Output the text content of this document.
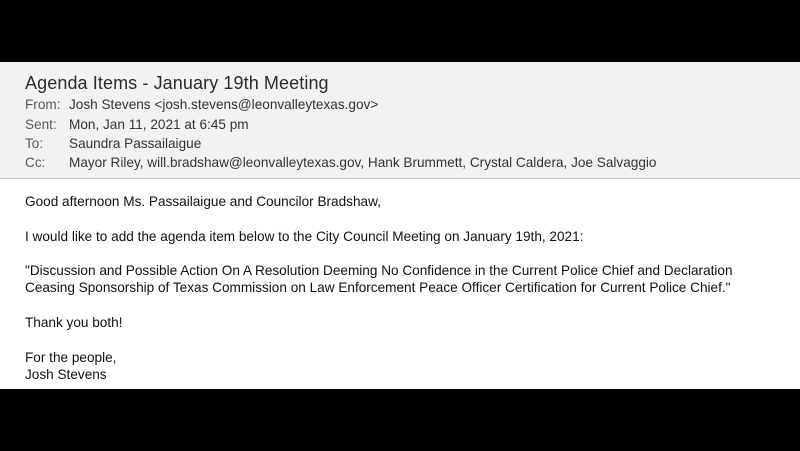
Agenda Items - January 19th Meeting
From: Josh Stevens <josh.stevens@leonvalleytexas.gov>
Sent: Mon, Jan 11, 2021 at 6:45 pm
To: Saundra Passailaigue
Cc: Mayor Riley, will.bradshaw@leonvalleytexas.gov, Hank Brummett, Crystal Caldera, Joe Salvaggio
Good afternoon Ms. Passailaigue and Councilor Bradshaw,
I would like to add the agenda item below to the City Council Meeting on January 19th, 2021:
"Discussion and Possible Action On A Resolution Deeming No Confidence in the Current Police Chief and Declaration
Ceasing Sponsorship of Texas Commission on Law Enforcement Peace Officer Certification for Current Police Chief."
Thank you both!
For the people,
Josh Stevens
